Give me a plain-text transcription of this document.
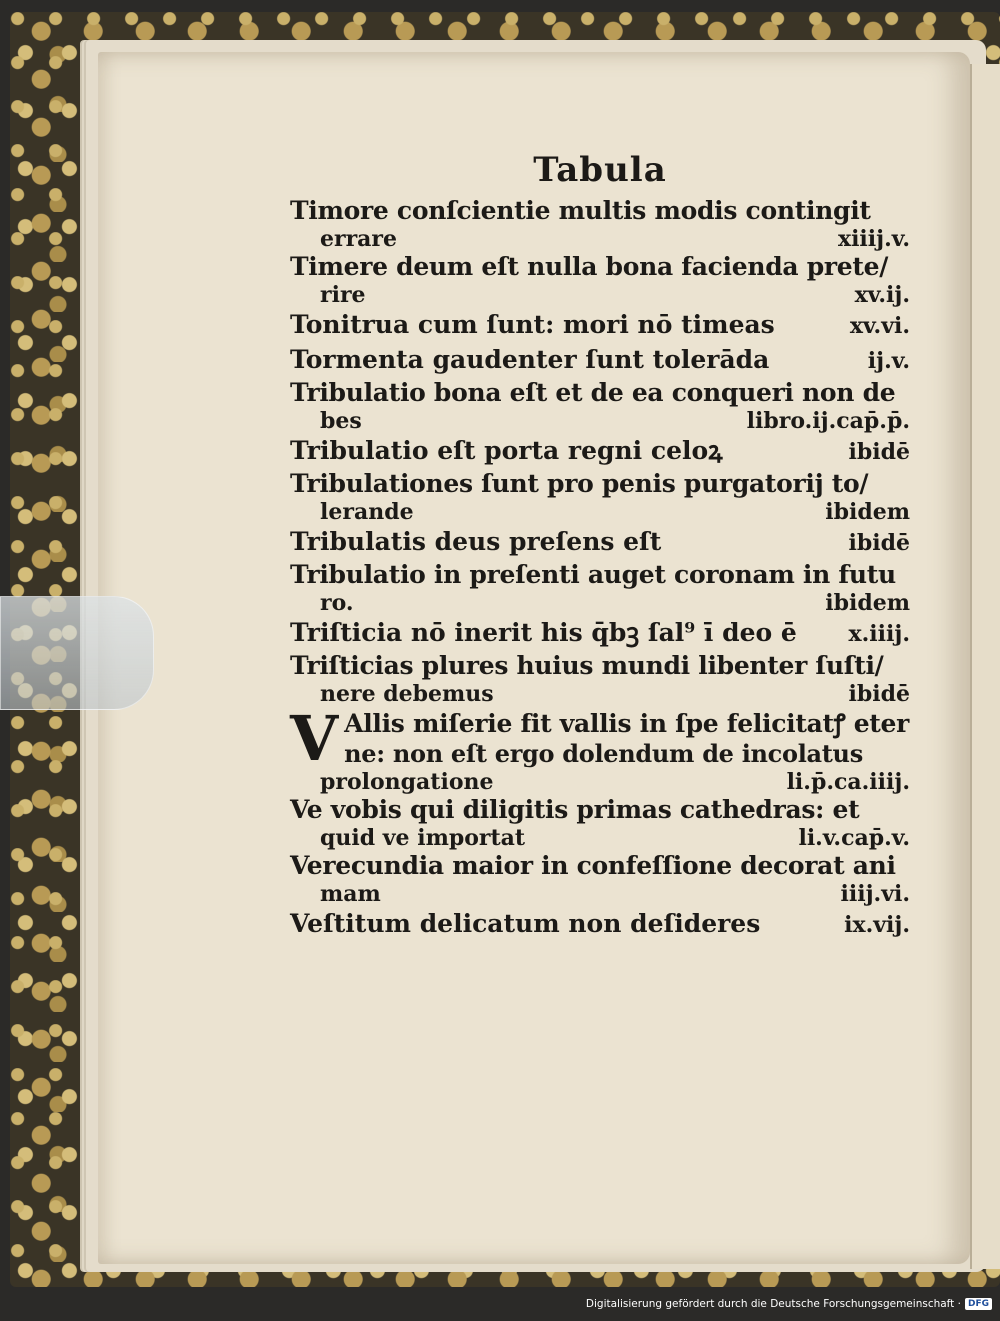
Tabula
Timore conſcientie multis modis contingit
errare	xiiij.v.
Timere deum eſt nulla bona facienda prete/
rire	xv.ij.
Tonitrua cum ſunt: mori nō timeas	xv.vi.
Tormenta gaudenter ſunt tolerāda	ij.v.
Tribulatio bona eſt et de ea conqueri non de
bes	libro.ij.cap̄.p̄.
Tribulatio eſt porta regni celoꝝ	ibidē
Tribulationes ſunt pro penis purgatorij to/
lerande	ibidem
Tribulatis deus preſens eſt	ibidē
Tribulatio in preſenti auget coronam in futu
ro.	ibidem
Triſticia nō inerit his q̄bꝫ ſal⁹ ī deo ē x.iiij.
Triſticias plures huius mundi libenter ſuſti/
nere debemus	ibidē
V Allis miſerie fit vallis in ſpe felicitatꝭ eter
ne: non eſt ergo dolendum de incolatus
prolongatione	li.p̄.ca.iiij.
Ve vobis qui diligitis primas cathedras: et
quid ve importat	li.v.cap̄.v.
Verecundia maior in confeſſione decorat ani
mam	iiij.vi.
Veſtitum delicatum non deſideres	ix.vij.
Digitalisierung gefördert durch die Deutsche Forschungsgemeinschaft · DFG
